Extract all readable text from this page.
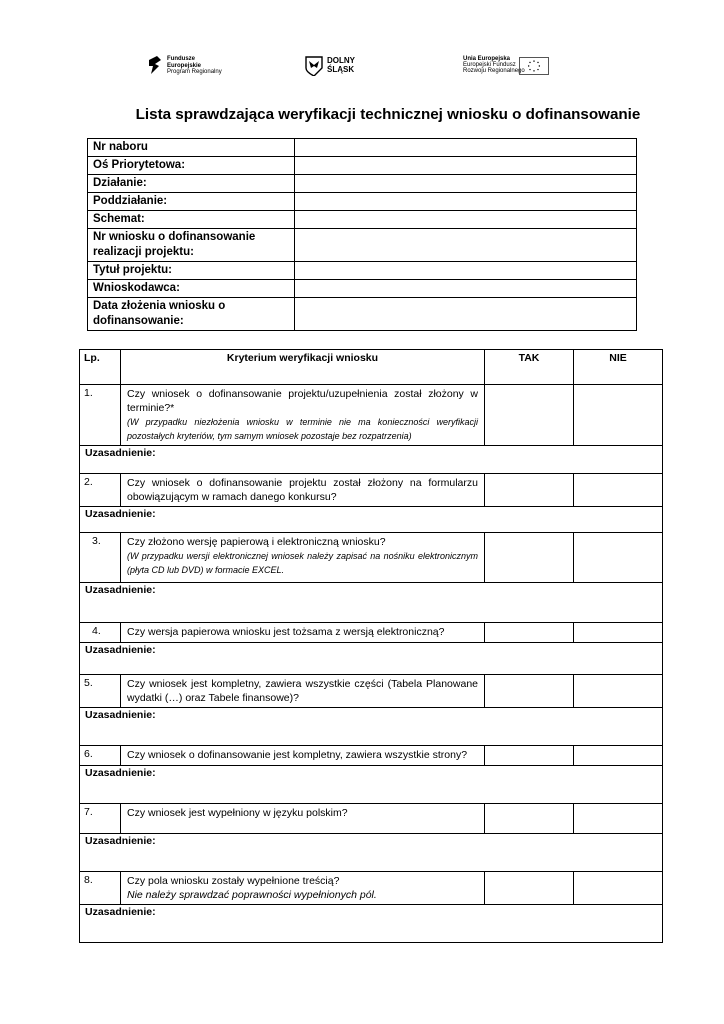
Fundusze
Europejskie
Program Regionalny
DOLNY
ŚLĄSK
Unia Europejska
Europejski Fundusz
Rozwoju Regionalnego
Lista sprawdzająca weryfikacji technicznej wniosku o dofinansowanie
Nr naboru	
Oś Priorytetowa:	
Działanie:	
Poddziałanie:	
Schemat:	
Nr wniosku o dofinansowanie realizacji projektu:	
Tytuł projektu:	
Wnioskodawca:	
Data złożenia wniosku o dofinansowanie:	
Lp.	Kryterium weryfikacji wniosku	TAK	NIE
1.	Czy wniosek o dofinansowanie projektu/uzupełnienia został złożony w terminie?*
(W przypadku niezłożenia wniosku w terminie nie ma konieczności weryfikacji pozostałych kryteriów, tym samym wniosek pozostaje bez rozpatrzenia)		

Uzasadnienie:			
2.	Czy wniosek o dofinansowanie projektu został złożony na formularzu obowiązującym w ramach danego konkursu?		
Uzasadnienie:			
3.	Czy złożono wersję papierową i elektroniczną wniosku?
(W przypadku wersji elektronicznej wniosek należy zapisać na nośniku elektronicznym (płyta CD lub DVD) w formacie EXCEL.		

Uzasadnienie:			
4.	Czy wersja papierowa wniosku jest tożsama z wersją elektroniczną?		
Uzasadnienie:			
5.	Czy wniosek jest kompletny, zawiera wszystkie części (Tabela Planowane wydatki (…) oraz Tabele finansowe)?		
Uzasadnienie:			
6.	Czy wniosek o dofinansowanie jest kompletny, zawiera wszystkie strony?		
Uzasadnienie:			
7.	Czy wniosek jest wypełniony w języku polskim?		
Uzasadnienie:			
8.	Czy pola wniosku zostały wypełnione treścią?
Nie należy sprawdzać poprawności wypełnionych pól.		

Uzasadnienie:			
